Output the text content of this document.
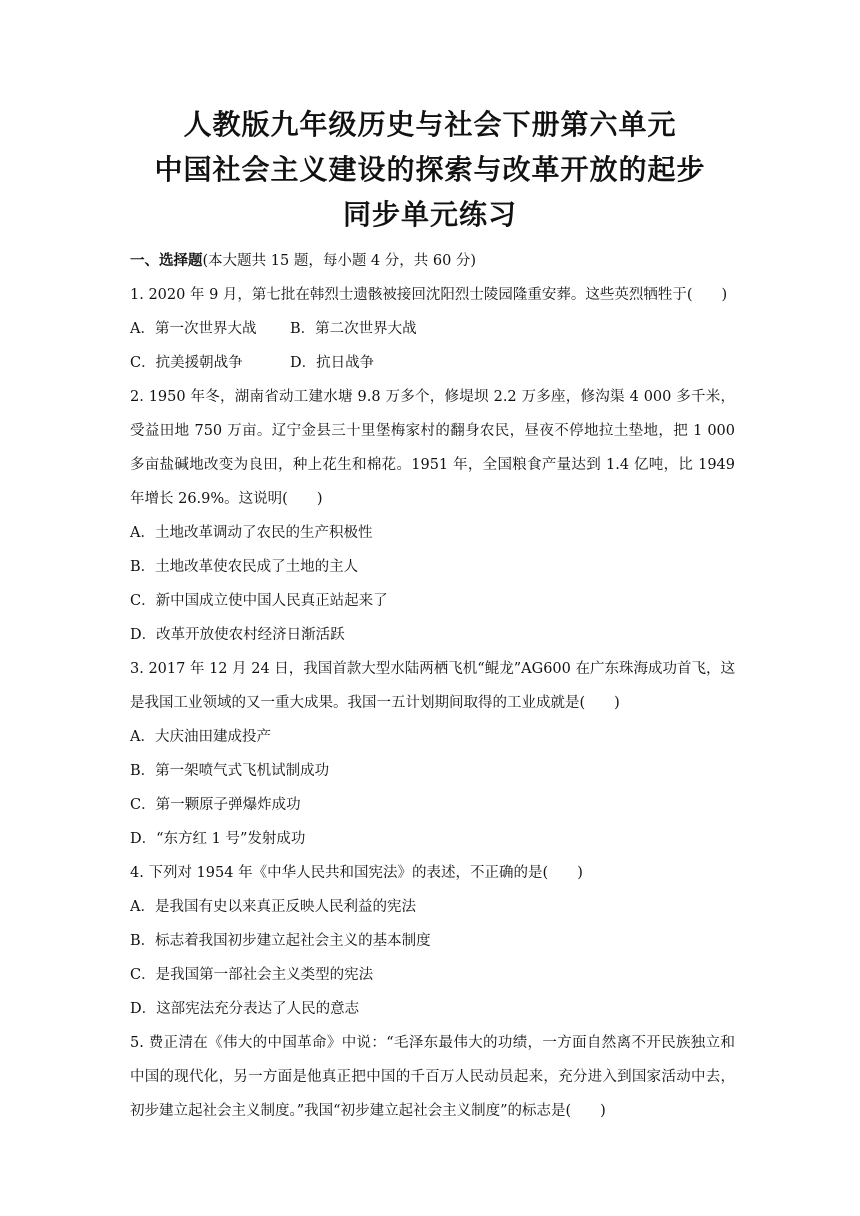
人教版九年级历史与社会下册第六单元
中国社会主义建设的探索与改革开放的起步
同步单元练习

一、选择题(本大题共 15 题，每小题 4 分，共 60 分)

1. 2020 年 9 月，第七批在韩烈士遗骸被接回沈阳烈士陵园隆重安葬。这些英烈牺牲于(　　)

A．第一次世界大战	B．第二次世界大战

C．抗美援朝战争	D．抗日战争

2. 1950 年冬，湖南省动工建水塘 9.8 万多个，修堤坝 2.2 万多座，修沟渠 4 000 多千米，受益田地 750 万亩。辽宁金县三十里堡梅家村的翻身农民，昼夜不停地拉土垫地，把 1 000 多亩盐碱地改变为良田，种上花生和棉花。1951 年，全国粮食产量达到 1.4 亿吨，比 1949 年增长 26.9%。这说明(　　)

A．土地改革调动了农民的生产积极性

B．土地改革使农民成了土地的主人

C．新中国成立使中国人民真正站起来了

D．改革开放使农村经济日渐活跃

3. 2017 年 12 月 24 日，我国首款大型水陆两栖飞机“鲲龙”AG600 在广东珠海成功首飞，这是我国工业领域的又一重大成果。我国一五计划期间取得的工业成就是(　　)

A．大庆油田建成投产

B．第一架喷气式飞机试制成功

C．第一颗原子弹爆炸成功

D．“东方红 1 号”发射成功

4. 下列对 1954 年《中华人民共和国宪法》的表述，不正确的是(　　)

A．是我国有史以来真正反映人民利益的宪法

B．标志着我国初步建立起社会主义的基本制度

C．是我国第一部社会主义类型的宪法

D．这部宪法充分表达了人民的意志

5. 费正清在《伟大的中国革命》中说：“毛泽东最伟大的功绩，一方面自然离不开民族独立和中国的现代化，另一方面是他真正把中国的千百万人民动员起来，充分进入到国家活动中去，初步建立起社会主义制度。”我国“初步建立起社会主义制度”的标志是(　　)
